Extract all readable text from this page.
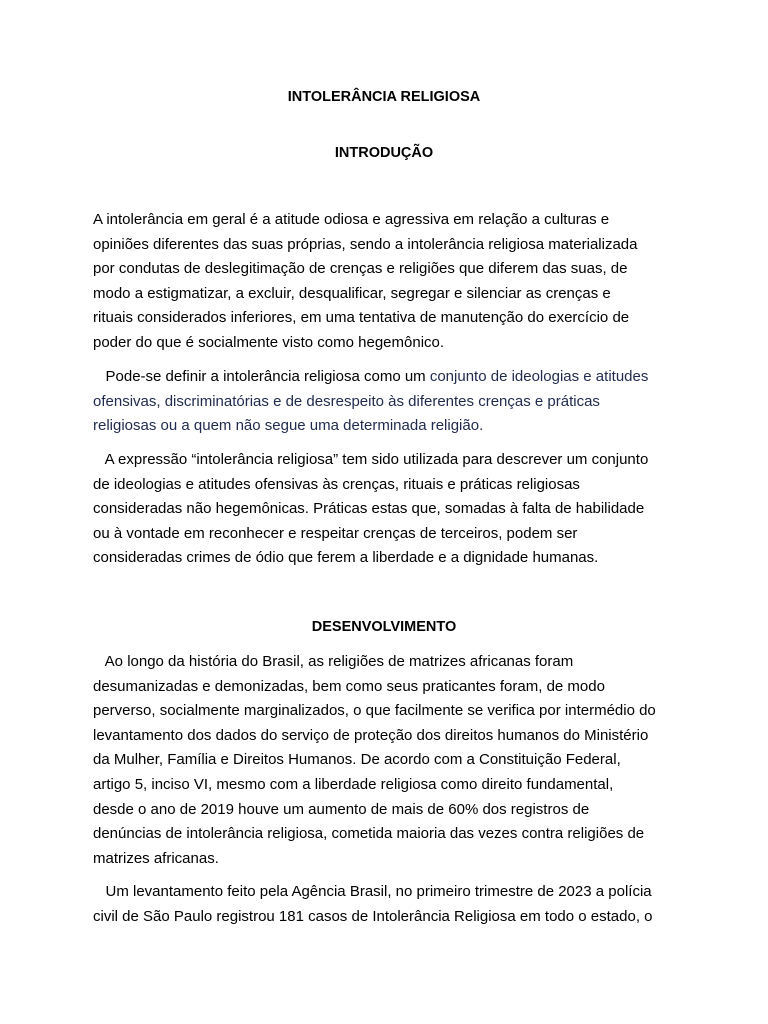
INTOLERÂNCIA RELIGIOSA
INTRODUÇÃO

A intolerância em geral é a atitude odiosa e agressiva em relação a culturas e
opiniões diferentes das suas próprias, sendo a intolerância religiosa materializada
por condutas de deslegitimação de crenças e religiões que diferem das suas, de
modo a estigmatizar, a excluir, desqualificar, segregar e silenciar as crenças e
rituais considerados inferiores, em uma tentativa de manutenção do exercício de
poder do que é socialmente visto como hegemônico.

Pode-se definir a intolerância religiosa como um conjunto de ideologias e atitudes
ofensivas, discriminatórias e de desrespeito às diferentes crenças e práticas
religiosas ou a quem não segue uma determinada religião.

A expressão “intolerância religiosa” tem sido utilizada para descrever um conjunto
de ideologias e atitudes ofensivas às crenças, rituais e práticas religiosas
consideradas não hegemônicas. Práticas estas que, somadas à falta de habilidade
ou à vontade em reconhecer e respeitar crenças de terceiros, podem ser
consideradas crimes de ódio que ferem a liberdade e a dignidade humanas.

DESENVOLVIMENTO

Ao longo da história do Brasil, as religiões de matrizes africanas foram
desumanizadas e demonizadas, bem como seus praticantes foram, de modo
perverso, socialmente marginalizados, o que facilmente se verifica por intermédio do
levantamento dos dados do serviço de proteção dos direitos humanos do Ministério
da Mulher, Família e Direitos Humanos. De acordo com a Constituição Federal,
artigo 5, inciso VI, mesmo com a liberdade religiosa como direito fundamental,
desde o ano de 2019 houve um aumento de mais de 60% dos registros de
denúncias de intolerância religiosa, cometida maioria das vezes contra religiões de
matrizes africanas.

Um levantamento feito pela Agência Brasil, no primeiro trimestre de 2023 a polícia
civil de São Paulo registrou 181 casos de Intolerância Religiosa em todo o estado, o
